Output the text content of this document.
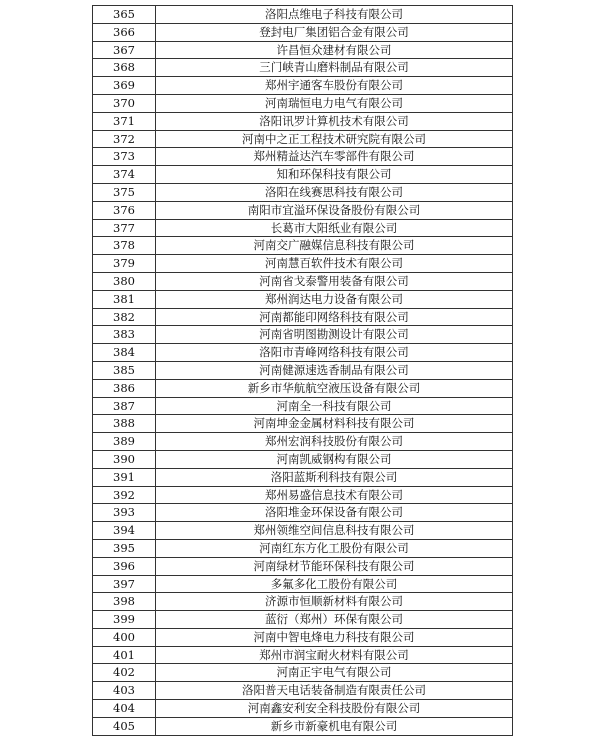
365	洛阳点维电子科技有限公司
366	登封电厂集团铝合金有限公司
367	许昌恒众建材有限公司
368	三门峡青山磨料制品有限公司
369	郑州宇通客车股份有限公司
370	河南瑞恒电力电气有限公司
371	洛阳讯罗计算机技术有限公司
372	河南中之正工程技术研究院有限公司
373	郑州精益达汽车零部件有限公司
374	知和环保科技有限公司
375	洛阳在线赛思科技有限公司
376	南阳市宜溢环保设备股份有限公司
377	长葛市大阳纸业有限公司
378	河南交广融媒信息科技有限公司
379	河南慧百软件技术有限公司
380	河南省戈泰警用装备有限公司
381	郑州润达电力设备有限公司
382	河南都能印网络科技有限公司
383	河南省明图勘测设计有限公司
384	洛阳市青峰网络科技有限公司
385	河南健源速选香制品有限公司
386	新乡市华航航空液压设备有限公司
387	河南全一科技有限公司
388	河南坤金金属材料科技有限公司
389	郑州宏润科技股份有限公司
390	河南凯威钢构有限公司
391	洛阳蓝斯利科技有限公司
392	郑州易盛信息技术有限公司
393	洛阳堆金环保设备有限公司
394	郑州领维空间信息科技有限公司
395	河南红东方化工股份有限公司
396	河南绿材节能环保科技有限公司
397	多氟多化工股份有限公司
398	济源市恒顺新材料有限公司
399	蓝衍（郑州）环保有限公司
400	河南中智电烽电力科技有限公司
401	郑州市润宝耐火材料有限公司
402	河南正宇电气有限公司
403	洛阳普天电话装备制造有限责任公司
404	河南鑫安利安全科技股份有限公司
405	新乡市新豪机电有限公司
